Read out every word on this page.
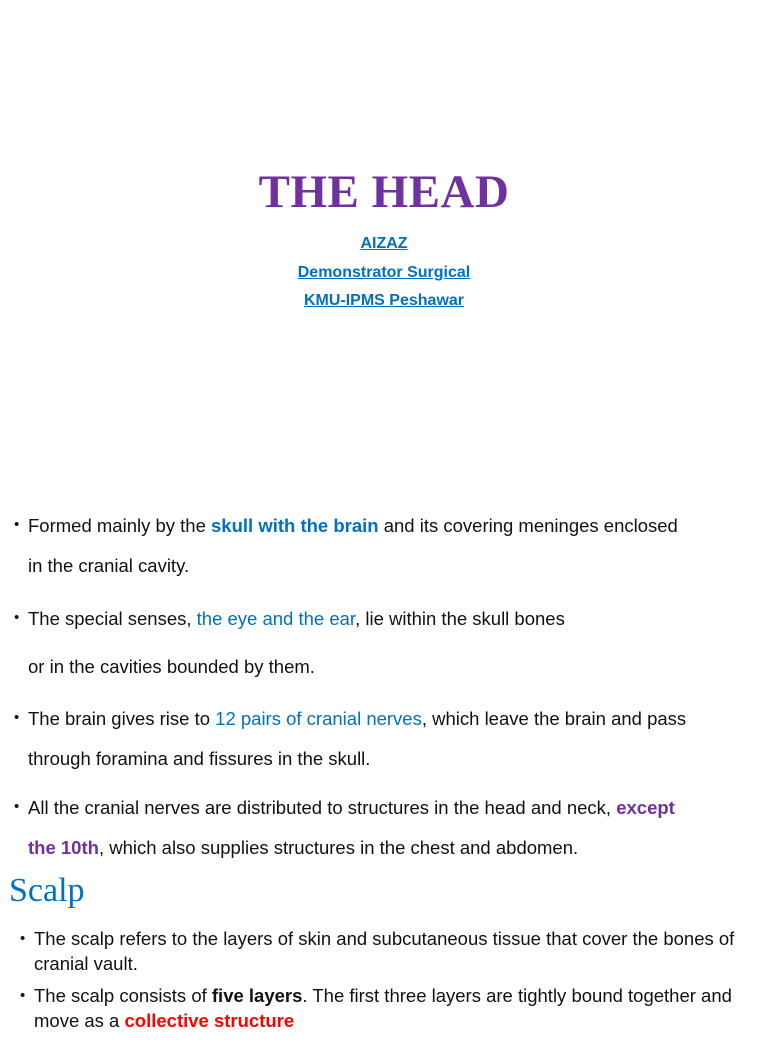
THE HEAD
AIZAZ
Demonstrator Surgical
KMU-IPMS Peshawar
• Formed mainly by the skull with the brain and its covering meninges enclosed
in the cranial cavity.
• The special senses, the eye and the ear, lie within the skull bones
or in the cavities bounded by them.
• The brain gives rise to 12 pairs of cranial nerves, which leave the brain and pass
through foramina and fissures in the skull.
• All the cranial nerves are distributed to structures in the head and neck, except
the 10th, which also supplies structures in the chest and abdomen.
Scalp
• The scalp refers to the layers of skin and subcutaneous tissue that cover the bones of cranial vault.
• The scalp consists of five layers. The first three layers are tightly bound together and move as a collective structure
